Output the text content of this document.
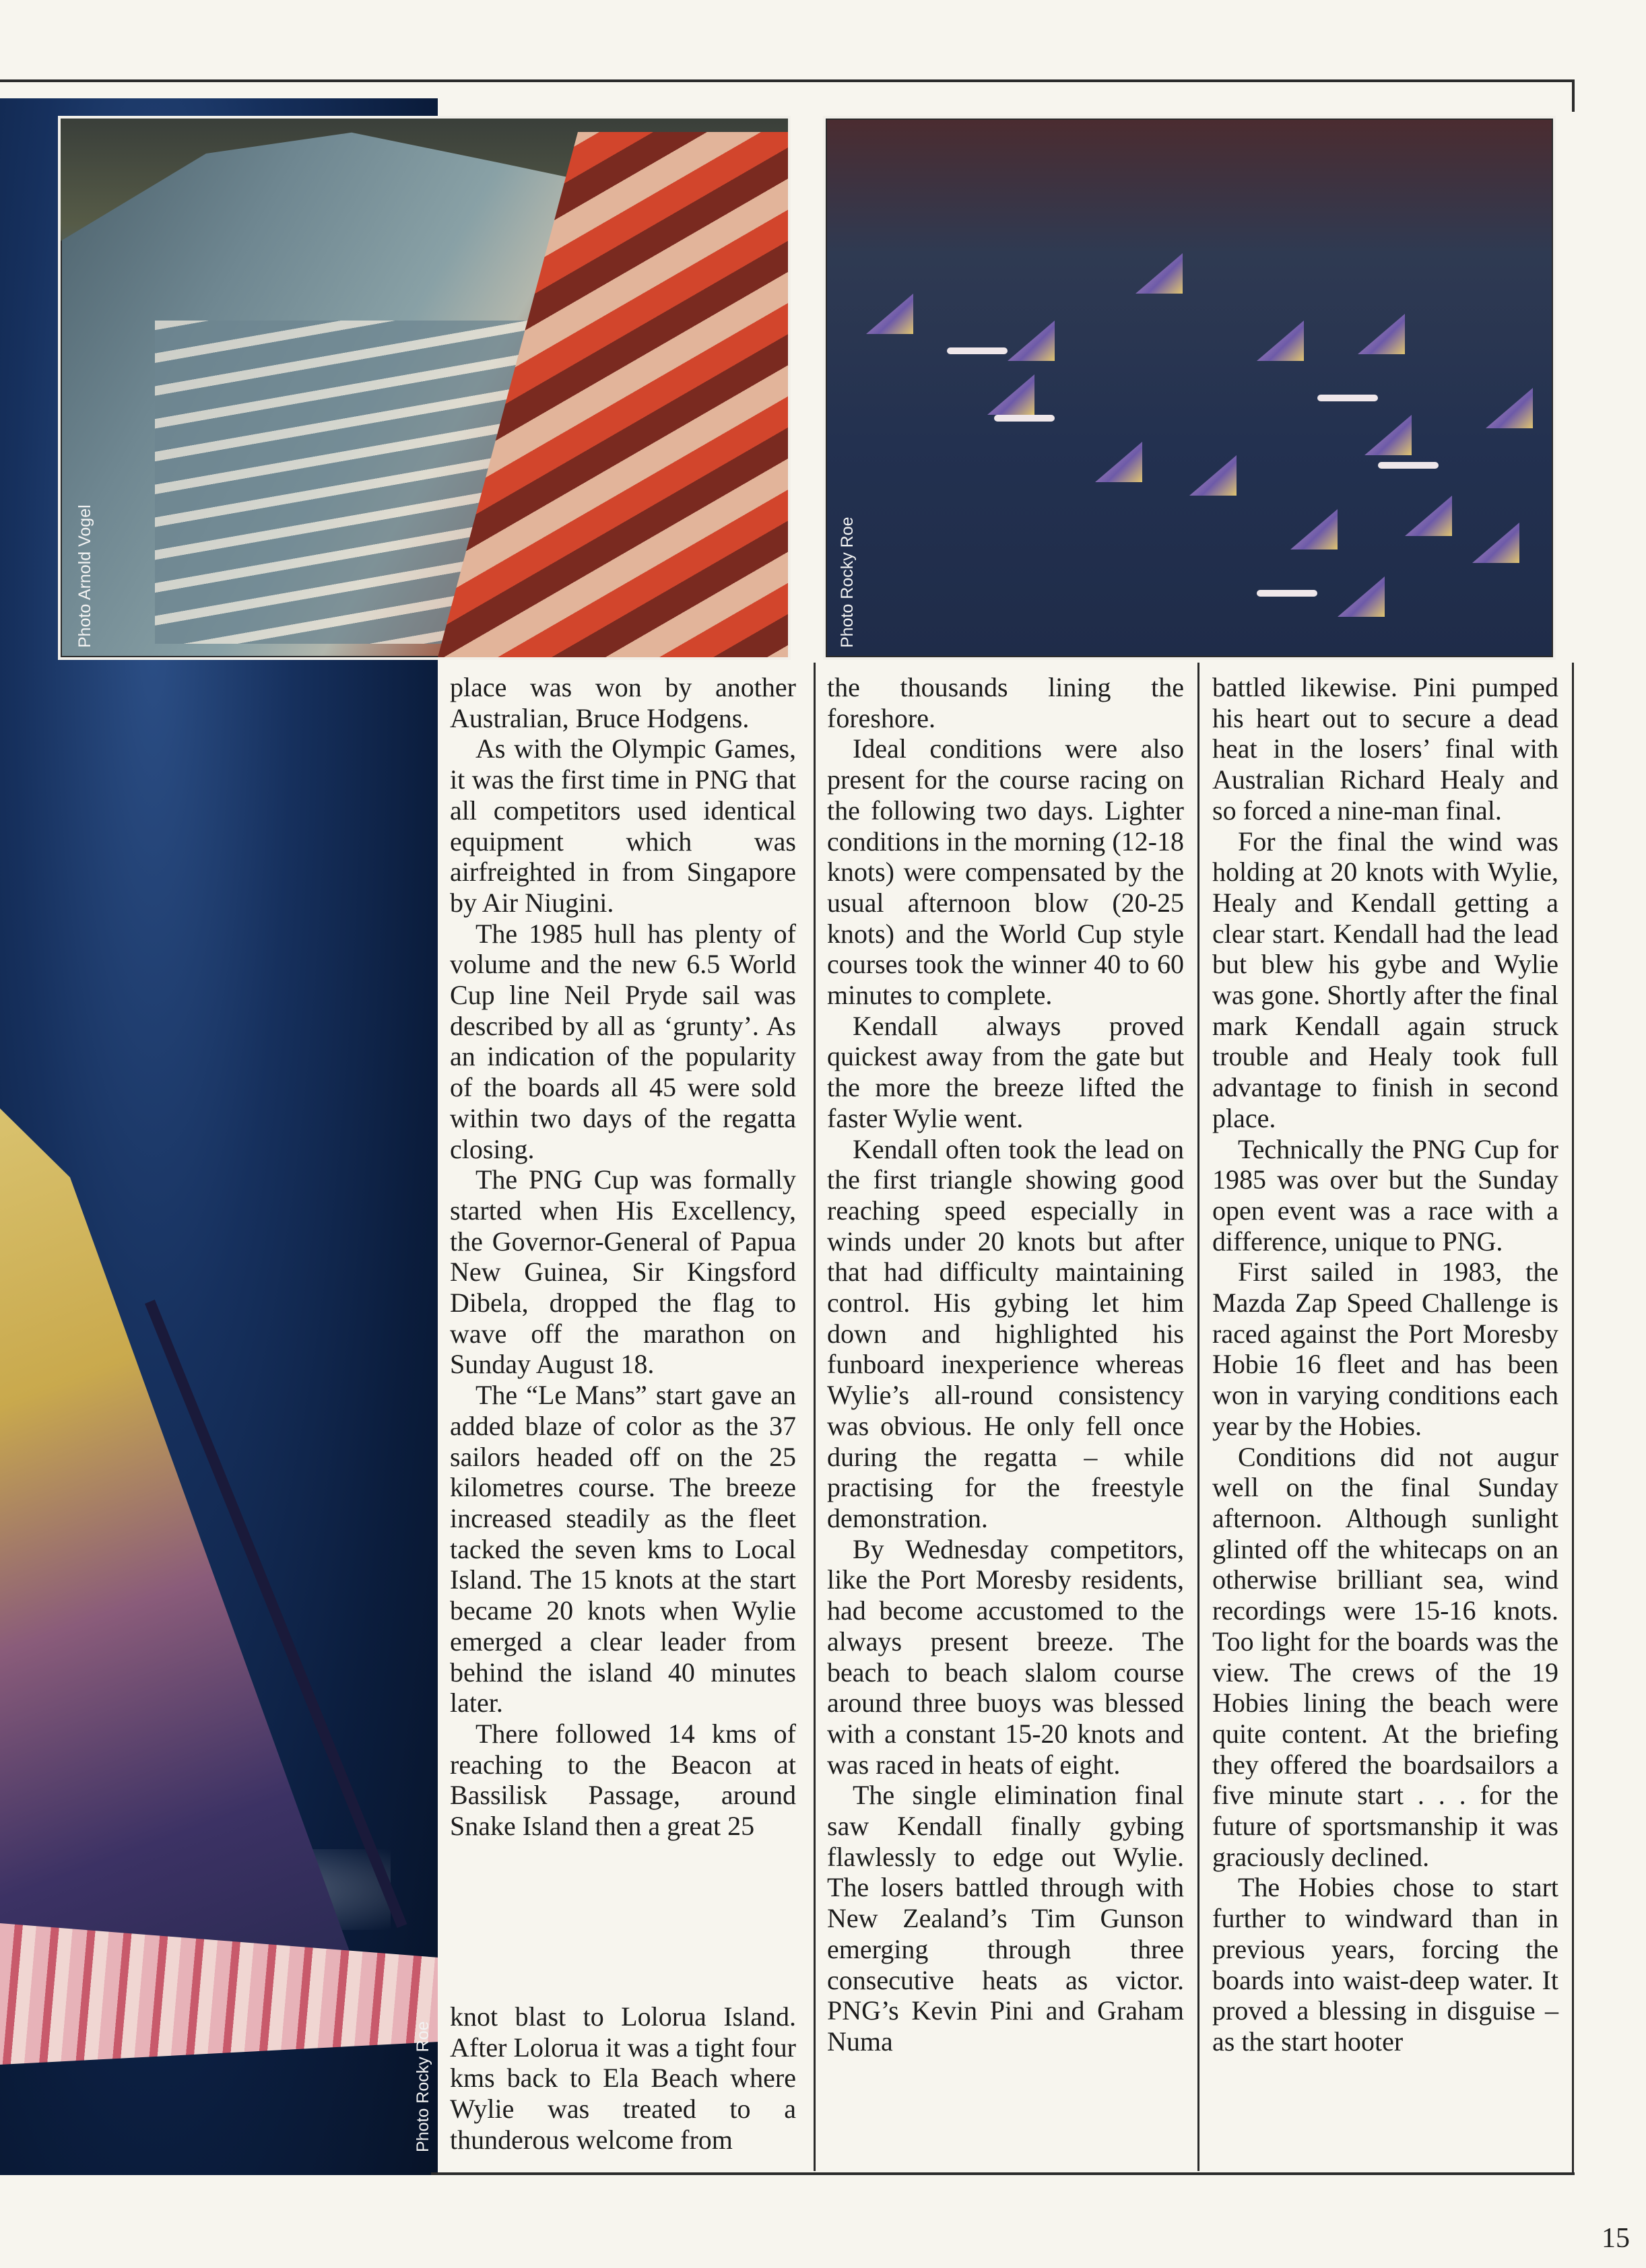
Photo Arnold Vogel	Photo Rocky Roe
Photo Rocky Roe

place was won by another Australian, Bruce Hodgens.

As with the Olympic Games, it was the first time in PNG that all competitors used identical equipment which was airfreighted in from Singapore by Air Niugini.

The 1985 hull has plenty of volume and the new 6.5 World Cup line Neil Pryde sail was described by all as ‘grunty’. As an indication of the popularity of the boards all 45 were sold within two days of the regatta closing.

The PNG Cup was formally started when His Excellency, the Governor-General of Papua New Guinea, Sir Kingsford Dibela, dropped the flag to wave off the marathon on Sunday August 18.

The “Le Mans” start gave an added blaze of color as the 37 sailors headed off on the 25 kilometres course. The breeze increased steadily as the fleet tacked the seven kms to Local Island. The 15 knots at the start became 20 knots when Wylie emerged a clear leader from behind the island 40 minutes later.

There followed 14 kms of reaching to the Beacon at Bassilisk Passage, around Snake Island then a great 25

knot blast to Lolorua Island. After Lolorua it was a tight four kms back to Ela Beach where Wylie was treated to a thunderous welcome from

the thousands lining the foreshore.

Ideal conditions were also present for the course racing on the following two days. Lighter conditions in the morning (12-18 knots) were compensated by the usual afternoon blow (20-25 knots) and the World Cup style courses took the winner 40 to 60 minutes to complete.

Kendall always proved quickest away from the gate but the more the breeze lifted the faster Wylie went.

Kendall often took the lead on the first triangle showing good reaching speed especially in winds under 20 knots but after that had difficulty maintaining control. His gybing let him down and highlighted his funboard inexperience whereas Wylie’s all-round consistency was obvious. He only fell once during the regatta – while practising for the freestyle demonstration.

By Wednesday competitors, like the Port Moresby residents, had become accustomed to the always present breeze. The beach to beach slalom course around three buoys was blessed with a constant 15-20 knots and was raced in heats of eight.

The single elimination final saw Kendall finally gybing flawlessly to edge out Wylie. The losers battled through with New Zealand’s Tim Gunson emerging through three consecutive heats as victor. PNG’s Kevin Pini and Graham Numa

battled likewise. Pini pumped his heart out to secure a dead heat in the losers’ final with Australian Richard Healy and so forced a nine-man final.

For the final the wind was holding at 20 knots with Wylie, Healy and Kendall getting a clear start. Kendall had the lead but blew his gybe and Wylie was gone. Shortly after the final mark Kendall again struck trouble and Healy took full advantage to finish in second place.

Technically the PNG Cup for 1985 was over but the Sunday open event was a race with a difference, unique to PNG.

First sailed in 1983, the Mazda Zap Speed Challenge is raced against the Port Moresby Hobie 16 fleet and has been won in varying conditions each year by the Hobies.

Conditions did not augur well on the final Sunday afternoon. Although sunlight glinted off the whitecaps on an otherwise brilliant sea, wind recordings were 15-16 knots. Too light for the boards was the view. The crews of the 19 Hobies lining the beach were quite content. At the briefing they offered the boardsailors a five minute start . . . for the future of sportsmanship it was graciously declined.

The Hobies chose to start further to windward than in previous years, forcing the boards into waist-deep water. It proved a blessing in disguise – as the start hooter

15
